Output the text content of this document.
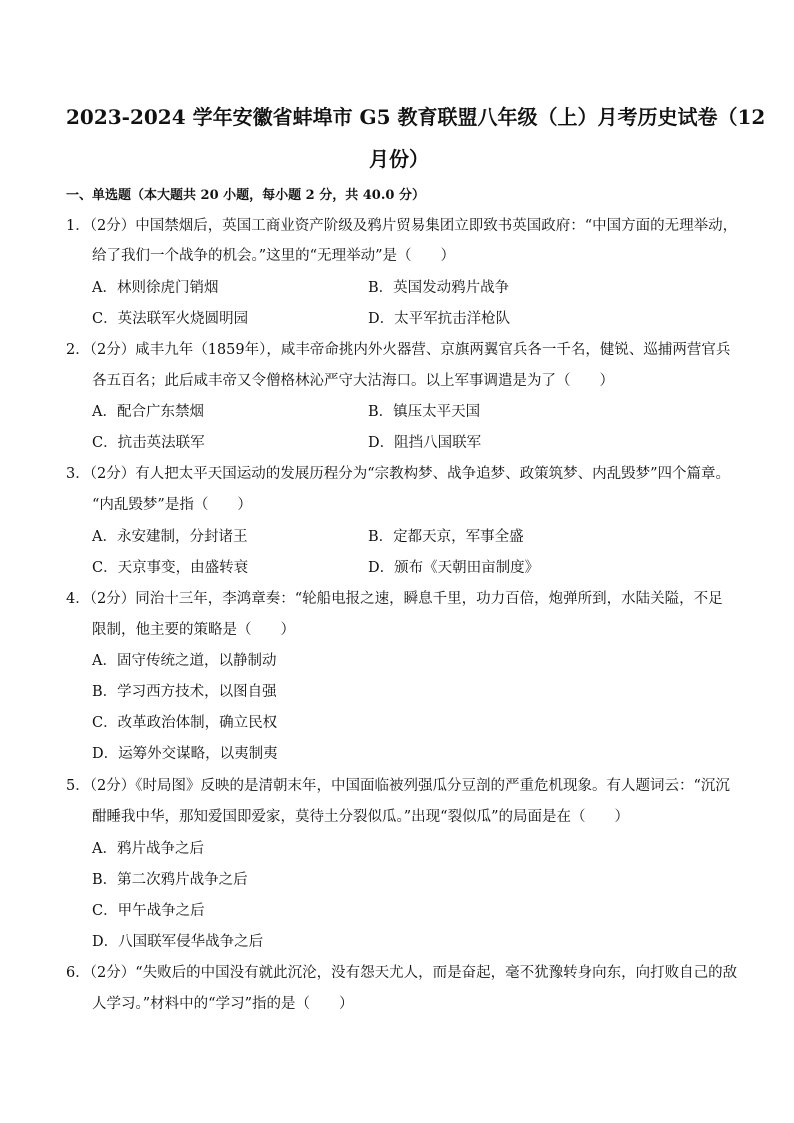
2023-2024 学年安徽省蚌埠市 G5 教育联盟八年级（上）月考历史试卷（12
月份）
一、单选题（本大题共 20 小题，每小题 2 分，共 40.0 分）
1．（2分）中国禁烟后，英国工商业资产阶级及鸦片贸易集团立即致书英国政府：“中国方面的无理举动，
给了我们一个战争的机会。”这里的“无理举动”是（　　）
A．林则徐虎门销烟	B．英国发动鸦片战争
C．英法联军火烧圆明园	D．太平军抗击洋枪队
2．（2分）咸丰九年（1859年），咸丰帝命挑内外火器营、京旗两翼官兵各一千名，健锐、巡捕两营官兵
各五百名；此后咸丰帝又令僧格林沁严守大沽海口。以上军事调遣是为了（　　）
A．配合广东禁烟	B．镇压太平天国
C．抗击英法联军	D．阻挡八国联军
3．（2分）有人把太平天国运动的发展历程分为“宗教构梦、战争追梦、政策筑梦、内乱毁梦”四个篇章。
“内乱毁梦”是指（　　）
A．永安建制，分封诸王	B．定都天京，军事全盛
C．天京事变，由盛转衰	D．颁布《天朝田亩制度》
4．（2分）同治十三年，李鸿章奏：“轮船电报之速，瞬息千里，功力百倍，炮弹所到，水陆关隘，不足
限制，他主要的策略是（　　）
A．固守传统之道，以静制动
B．学习西方技术，以图自强
C．改革政治体制，确立民权
D．运筹外交谋略，以夷制夷
5．（2分）《时局图》反映的是清朝末年，中国面临被列强瓜分豆剖的严重危机现象。有人题词云：“沉沉
酣睡我中华，那知爱国即爱家，莫待土分裂似瓜。”出现“裂似瓜”的局面是在（　　）
A．鸦片战争之后
B．第二次鸦片战争之后
C．甲午战争之后
D．八国联军侵华战争之后
6．（2分）“失败后的中国没有就此沉沦，没有怨天尤人，而是奋起，毫不犹豫转身向东，向打败自己的敌
人学习。”材料中的“学习”指的是（　　）
